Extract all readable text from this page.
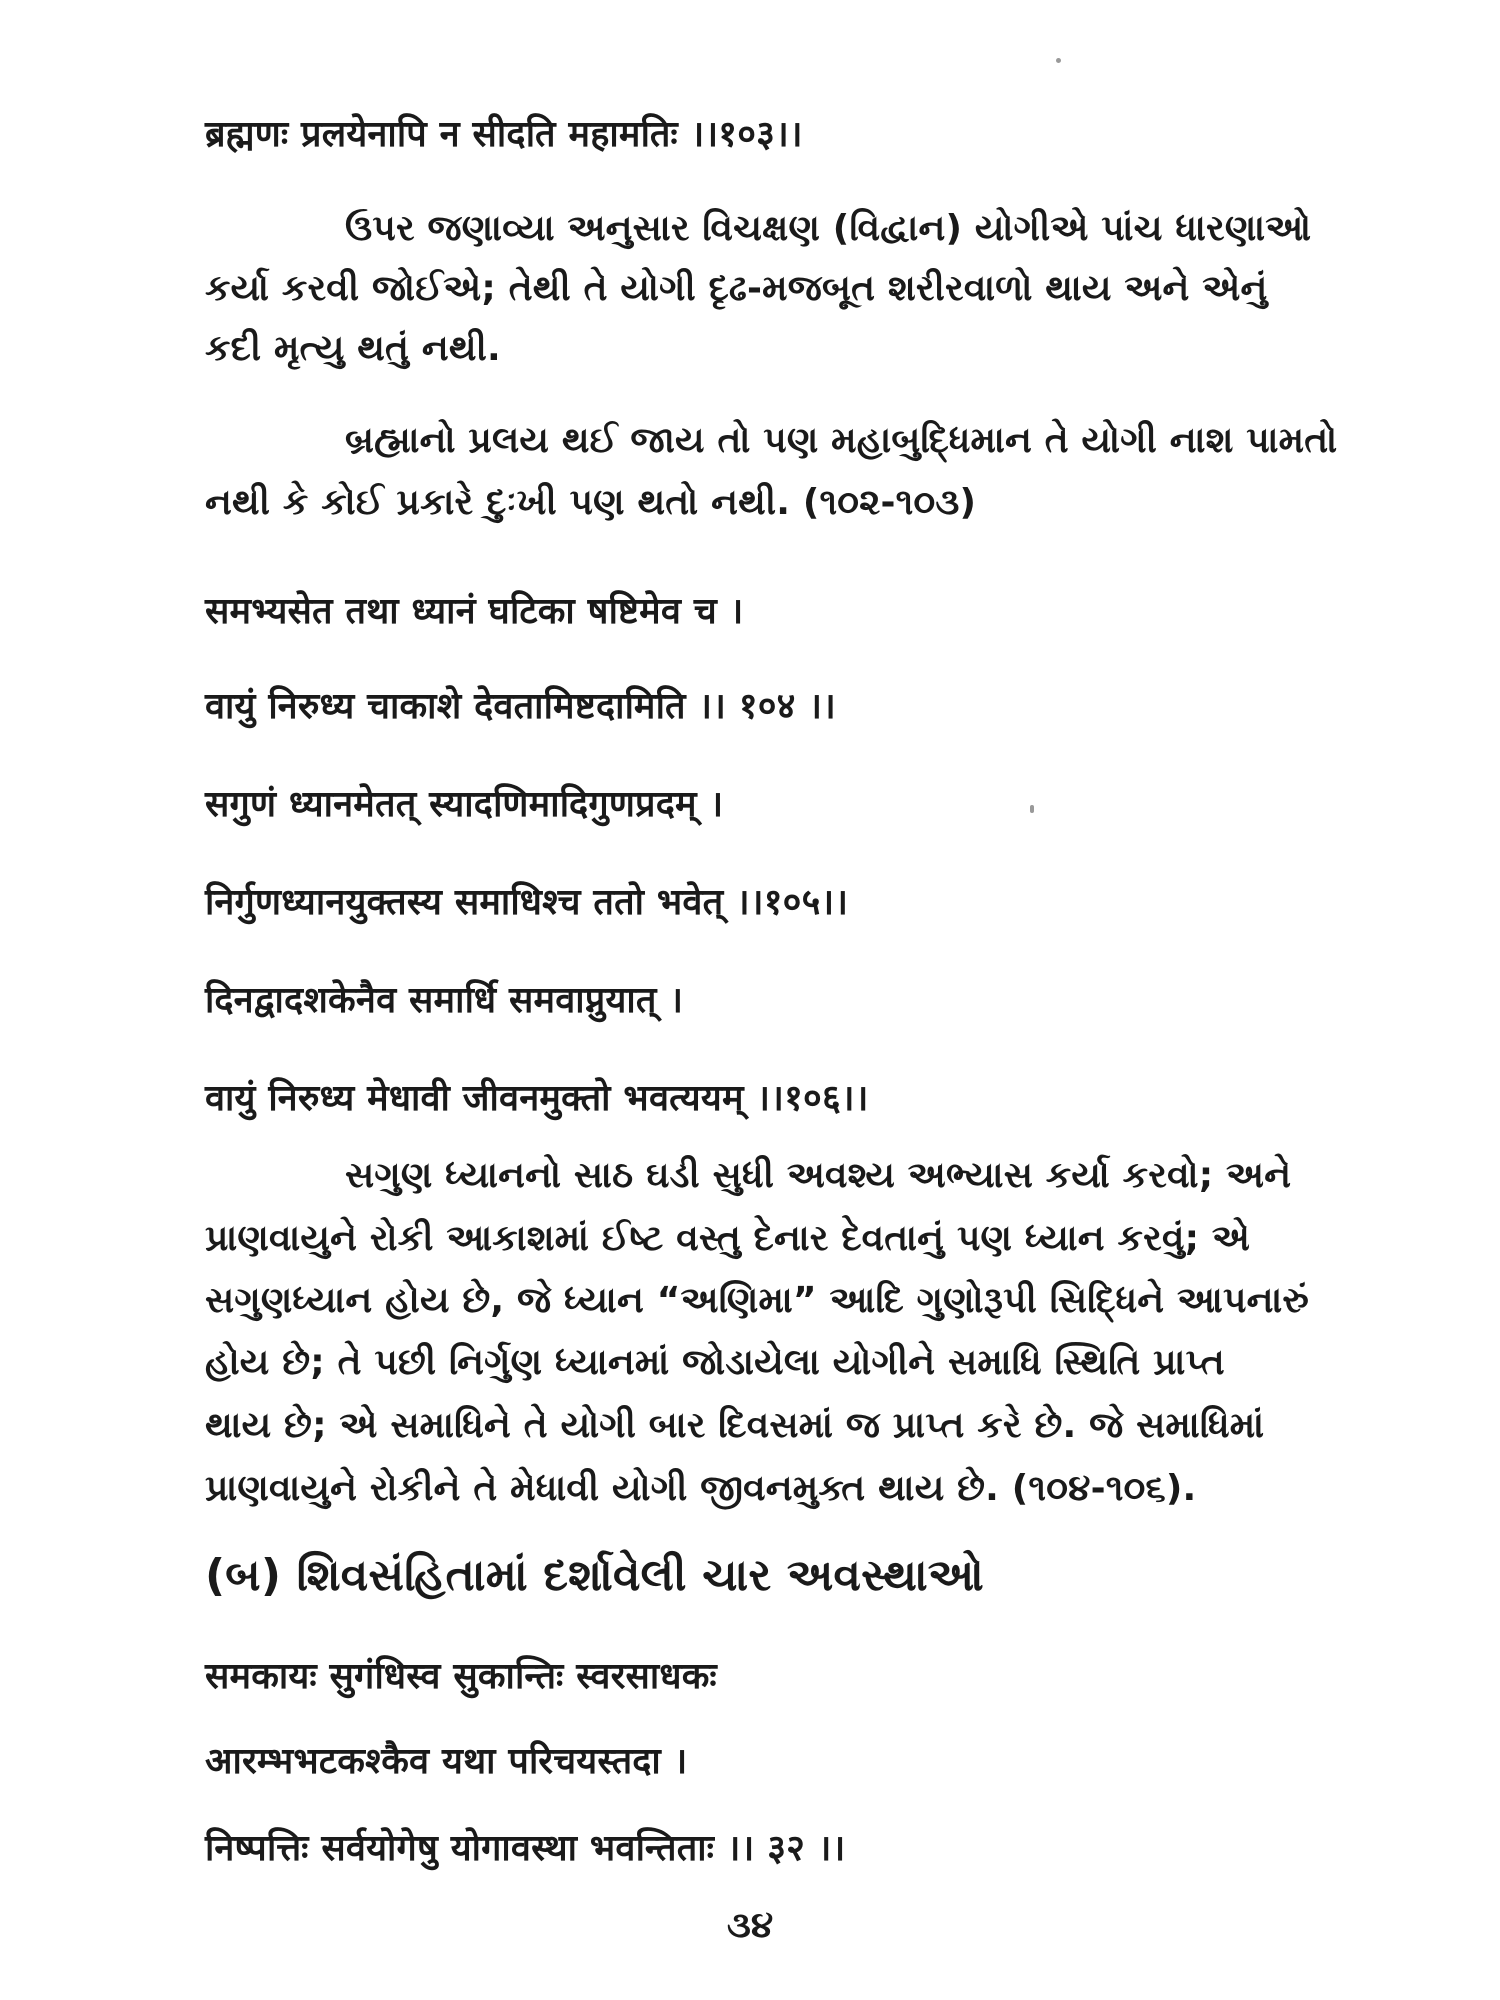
ब्रह्मणः प्रलयेनापि न सीदति महामतिः ।।१०३।।
ઉપર જણાવ્યા અનુસાર વિચક્ષણ (વિદ્વાન) યોગીએ પાંચ ધારણાઓ
કર્યા કરવી જોઈએ; તેથી તે યોગી દૃઢ-મજબૂત શરીરવાળો થાય અને એનું
કદી મૃત્યુ થતું નથી.
બ્રહ્માનો પ્રલય થઈ જાય તો પણ મહાબુદ્ધિમાન તે યોગી નાશ પામતો
નથી કે કોઈ પ્રકારે દુઃખી પણ થતો નથી. (૧૦૨-૧૦૩)
समभ्यसेत तथा ध्यानं घटिका षष्टिमेव च ।
वायुं निरुध्य चाकाशे देवतामिष्टदामिति ।। १०४ ।।
सगुणं ध्यानमेतत् स्यादणिमादिगुणप्रदम् ।
निर्गुणध्यानयुक्तस्य समाधिश्च ततो भवेत् ।।१०५।।
दिनद्वादशकेनैव समार्धि समवाप्नुयात् ।
वायुं निरुध्य मेधावी जीवनमुक्तो भवत्ययम् ।।१०६।।
સગુણ ધ્યાનનો સાઠ ઘડી સુધી અવશ્ય અભ્યાસ કર્યા કરવો; અને
પ્રાણવાયુને રોકી આકાશમાં ઈષ્ટ વસ્તુ દેનાર દેવતાનું પણ ધ્યાન કરવું; એ
સગુણધ્યાન હોય છે, જે ધ્યાન “અણિમા” આદિ ગુણોરૂપી સિદ્ધિને આપનારું
હોય છે; તે પછી નિર્ગુણ ધ્યાનમાં જોડાયેલા યોગીને સમાધિ સ્થિતિ પ્રાપ્ત
થાય છે; એ સમાધિને તે યોગી બાર દિવસમાં જ પ્રાપ્ત કરે છે. જે સમાધિમાં
પ્રાણવાયુને રોકીને તે મેધાવી યોગી જીવનમુક્ત થાય છે. (૧૦૪-૧૦૬).
(બ) શિવસંહિતામાં દર્શાવેલી ચાર અવસ્થાઓ
समकायः सुगंधिस्व सुकान्तिः स्वरसाधकः
आरम्भभटकश्कैव यथा परिचयस्तदा ।
निष्पत्तिः सर्वयोगेषु योगावस्था भवन्तिताः ।। ३२ ।।
૩૪
